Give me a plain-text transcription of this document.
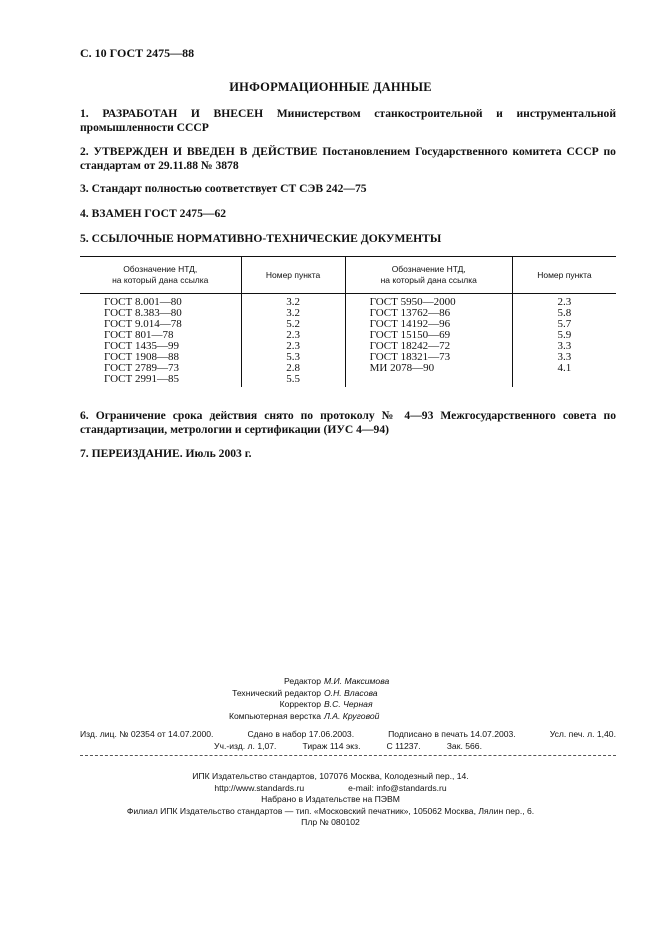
С. 10 ГОСТ 2475—88
ИНФОРМАЦИОННЫЕ ДАННЫЕ
1. РАЗРАБОТАН И ВНЕСЕН Министерством станкостроительной и инструментальной промышленности СССР
2. УТВЕРЖДЕН И ВВЕДЕН В ДЕЙСТВИЕ Постановлением Государственного комитета СССР по стандартам от 29.11.88 № 3878
3. Стандарт полностью соответствует СТ СЭВ 242—75
4. ВЗАМЕН ГОСТ 2475—62
5. ССЫЛОЧНЫЕ НОРМАТИВНО-ТЕХНИЧЕСКИЕ ДОКУМЕНТЫ
Обозначение НТД,
на который дана ссылка	Номер пункта	Обозначение НТД,
на который дана ссылка	Номер пункта
ГОСТ 8.001—80	3.2	ГОСТ 5950—2000	2.3
ГОСТ 8.383—80	3.2	ГОСТ 13762—86	5.8
ГОСТ 9.014—78	5.2	ГОСТ 14192—96	5.7
ГОСТ 801—78	2.3	ГОСТ 15150—69	5.9
ГОСТ 1435—99	2.3	ГОСТ 18242—72	3.3
ГОСТ 1908—88	5.3	ГОСТ 18321—73	3.3
ГОСТ 2789—73	2.8	МИ 2078—90	4.1
ГОСТ 2991—85	5.5		
6. Ограничение срока действия снято по протоколу № 4—93 Межгосударственного совета по стандартизации, метрологии и сертификации (ИУС 4—94)
7. ПЕРЕИЗДАНИЕ. Июль 2003 г.
Редактор М.И. Максимова
Технический редактор О.Н. Власова
Корректор В.С. Черная
Компьютерная верстка Л.А. Круговой
Изд. лиц. № 02354 от 14.07.2000.	Сдано в набор 17.06.2003.	Подписано в печать 14.07.2003.	Усл. печ. л. 1,40.
Уч.-изд. л. 1,07.	Тираж 114 экз.	С 11237.	Зак. 566.
ИПК Издательство стандартов, 107076 Москва, Колодезный пер., 14.
http://www.standards.ru	e-mail: info@standards.ru
Набрано в Издательстве на ПЭВМ
Филиал ИПК Издательство стандартов — тип. «Московский печатник», 105062 Москва, Лялин пер., 6.
Плр № 080102
